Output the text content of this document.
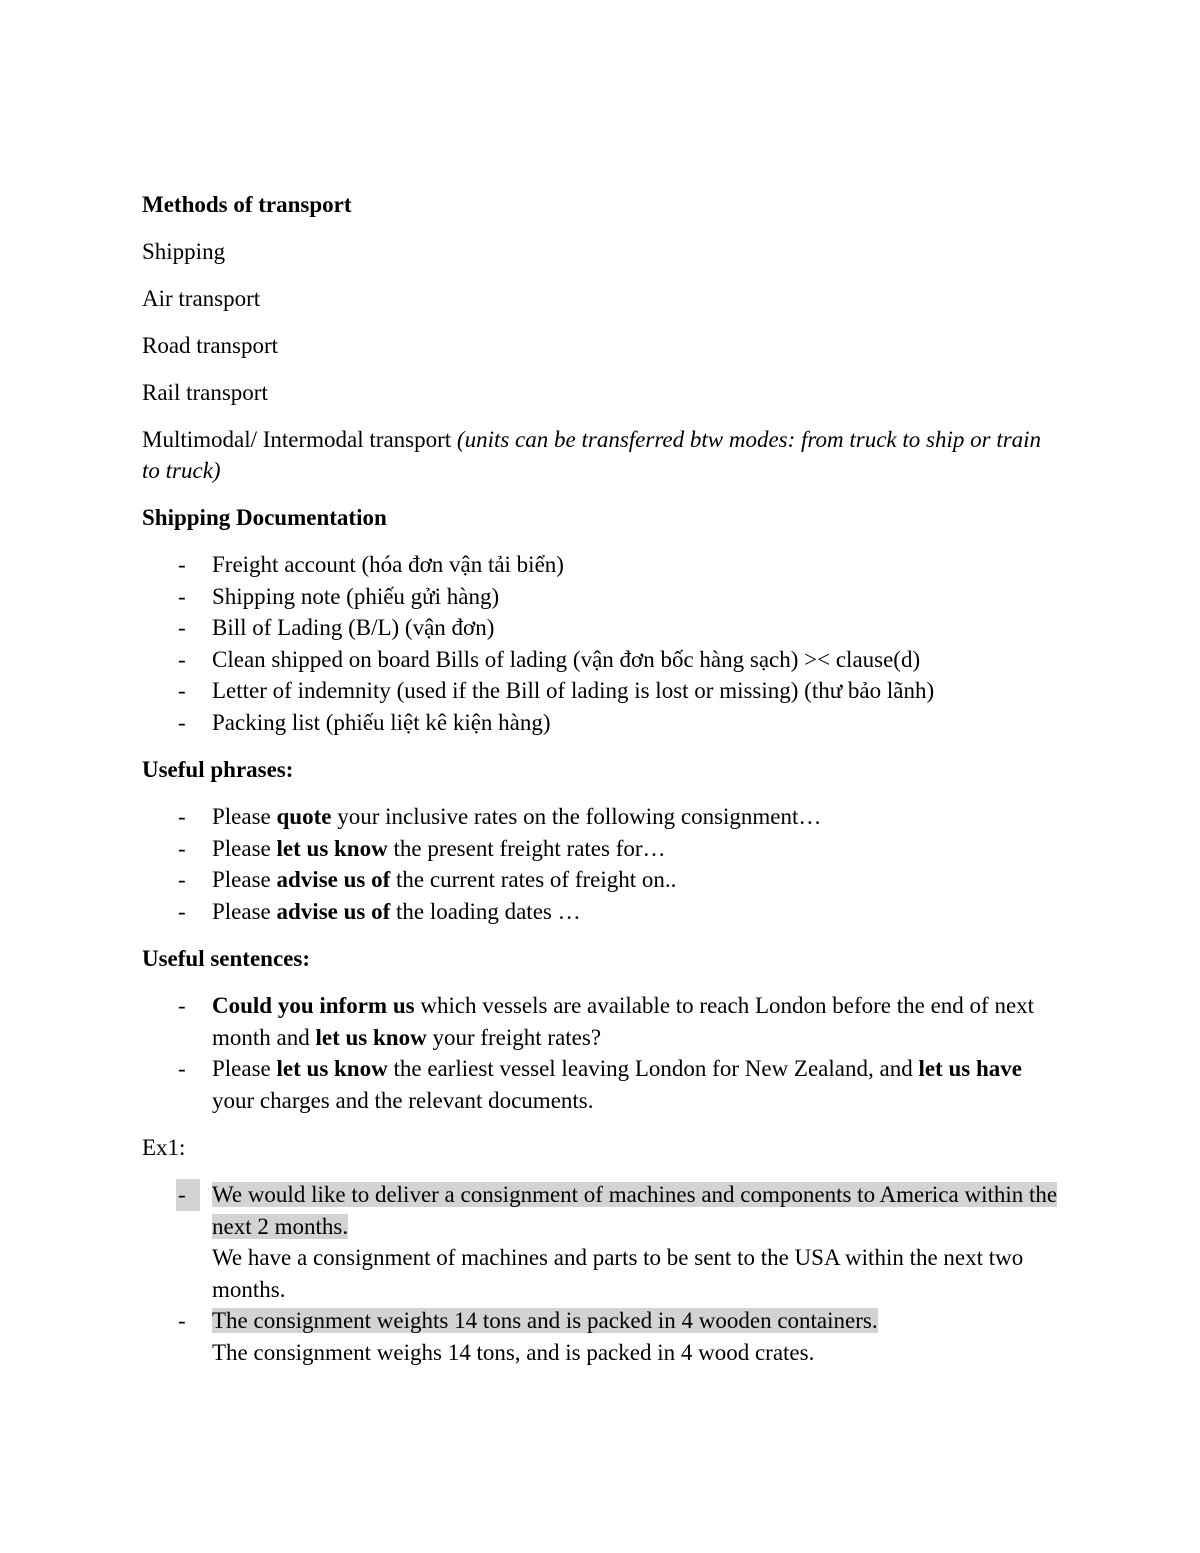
Methods of transport

Shipping

Air transport

Road transport

Rail transport

Multimodal/ Intermodal transport (units can be transferred btw modes: from truck to ship or train to truck)

Shipping Documentation

- Freight account (hóa đơn vận tải biển)
- Shipping note (phiếu gửi hàng)
- Bill of Lading (B/L) (vận đơn)
- Clean shipped on board Bills of lading (vận đơn bốc hàng sạch) >< clause(d)
- Letter of indemnity (used if the Bill of lading is lost or missing) (thư bảo lãnh)
- Packing list (phiếu liệt kê kiện hàng)

Useful phrases:

- Please quote your inclusive rates on the following consignment…
- Please let us know the present freight rates for…
- Please advise us of the current rates of freight on..
- Please advise us of the loading dates …

Useful sentences:

- Could you inform us which vessels are available to reach London before the end of next month and let us know your freight rates?
- Please let us know the earliest vessel leaving London for New Zealand, and let us have your charges and the relevant documents.

Ex1:

- We would like to deliver a consignment of machines and components to America within the next 2 months.
We have a consignment of machines and parts to be sent to the USA within the next two months.
- The consignment weights 14 tons and is packed in 4 wooden containers.
The consignment weighs 14 tons, and is packed in 4 wood crates.
